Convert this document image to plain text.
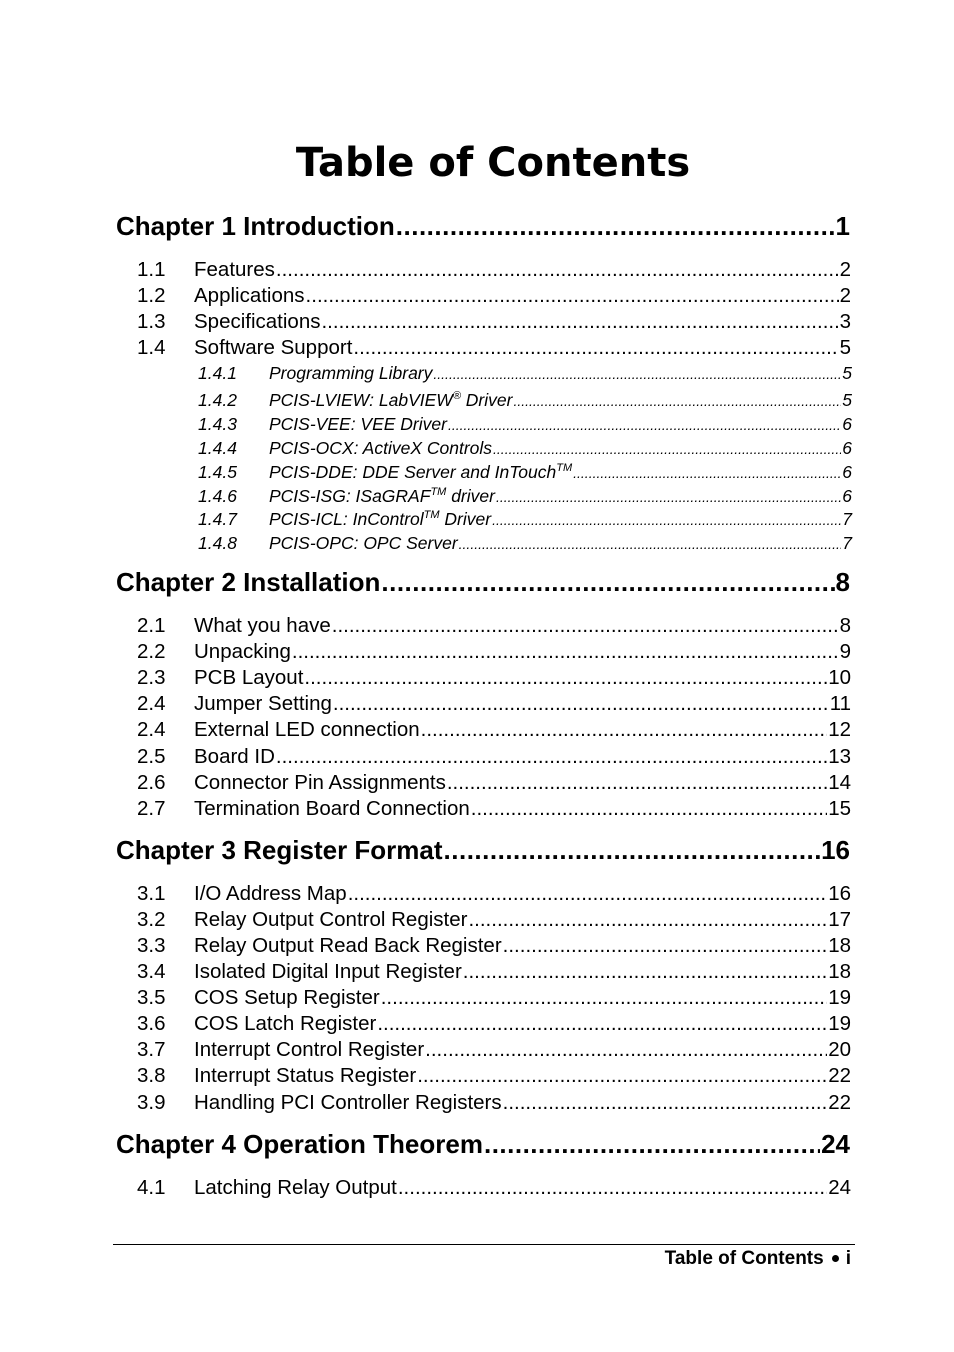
Table of Contents
Chapter 1 Introduction .....	1
1.1	Features .....	2
1.2	Applications .....	2
1.3	Specifications .....	3
1.4	Software Support .....	5
1.4.1	Programming Library .....	5
1.4.2	PCIS-LVIEW: LabVIEW® Driver .....	5
1.4.3	PCIS-VEE: VEE Driver .....	6
1.4.4	PCIS-OCX: ActiveX Controls .....	6
1.4.5	PCIS-DDE: DDE Server and InTouch™ .....	6
1.4.6	PCIS-ISG: ISaGRAF™ driver .....	6
1.4.7	PCIS-ICL: InControl™ Driver .....	7
1.4.8	PCIS-OPC: OPC Server .....	7
Chapter 2 Installation .....	8
2.1	What you have .....	8
2.2	Unpacking .....	9
2.3	PCB Layout .....	10
2.4	Jumper Setting .....	11
2.4	External LED connection .....	12
2.5	Board ID .....	13
2.6	Connector Pin Assignments .....	14
2.7	Termination Board Connection .....	15
Chapter 3 Register Format .....	16
3.1	I/O Address Map .....	16
3.2	Relay Output Control Register .....	17
3.3	Relay Output Read Back Register .....	18
3.4	Isolated Digital Input Register .....	18
3.5	COS Setup Register .....	19
3.6	COS Latch Register .....	19
3.7	Interrupt Control Register .....	20
3.8	Interrupt Status Register .....	22
3.9	Handling PCI Controller Registers .....	22
Chapter 4 Operation Theorem .....	24
4.1	Latching Relay Output .....	24
Table of Contents i
